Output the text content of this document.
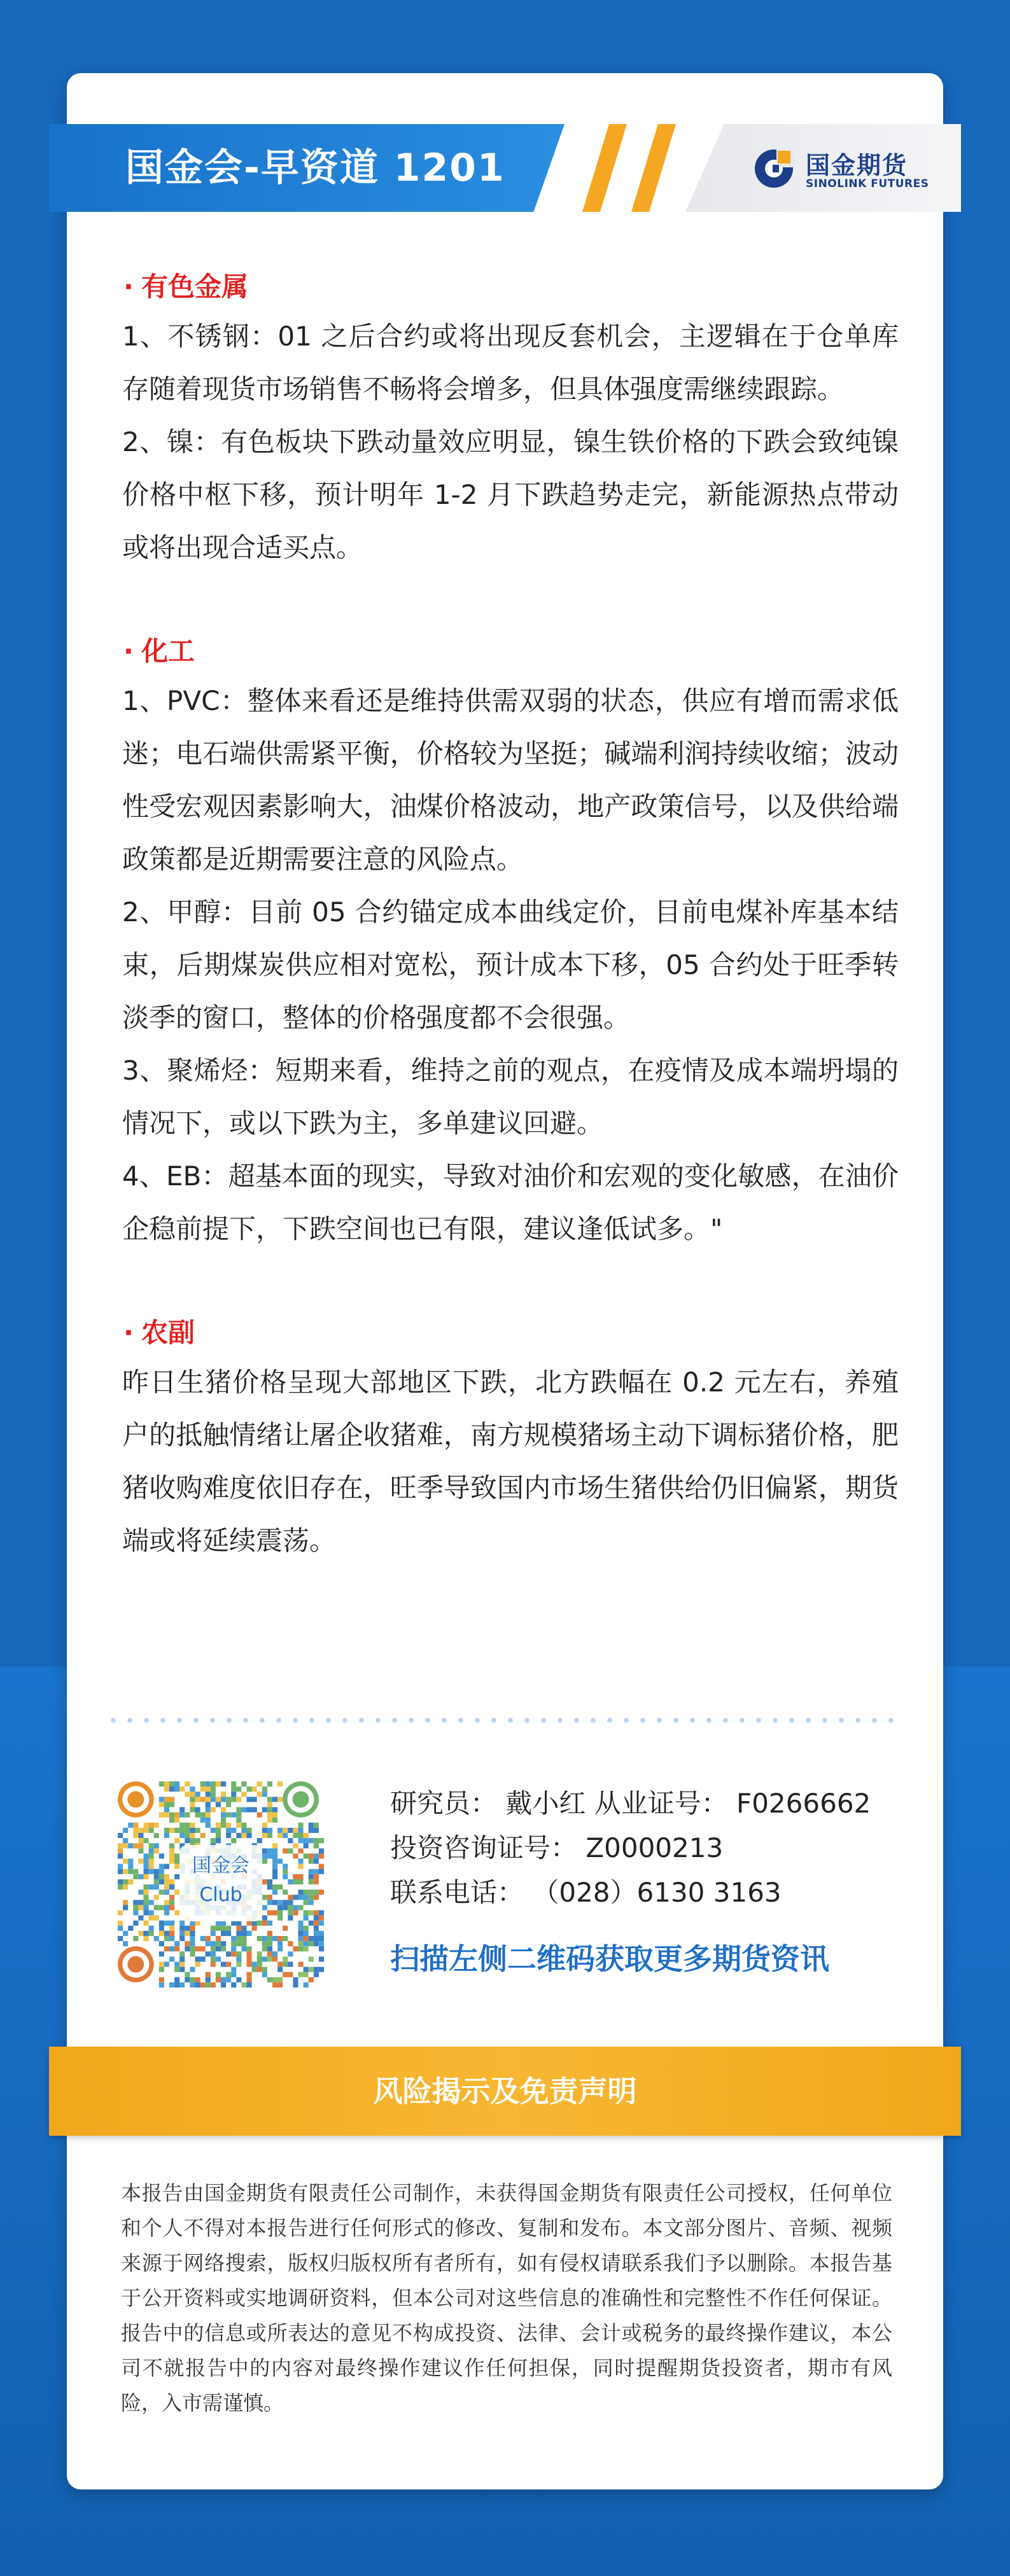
国金会-早资道 1201	国金期货
SINOLINK FUTURES
· 有色金属

1、不锈钢：01 之后合约或将出现反套机会，主逻辑在于仓单库存随着现货市场销售不畅将会增多，但具体强度需继续跟踪。

2、镍：有色板块下跌动量效应明显，镍生铁价格的下跌会致纯镍价格中枢下移，预计明年 1-2 月下跌趋势走完，新能源热点带动或将出现合适买点。

· 化工

1、PVC：整体来看还是维持供需双弱的状态，供应有增而需求低迷；电石端供需紧平衡，价格较为坚挺；碱端利润持续收缩；波动性受宏观因素影响大，油煤价格波动，地产政策信号，以及供给端政策都是近期需要注意的风险点。

2、甲醇：目前 05 合约锚定成本曲线定价，目前电煤补库基本结束，后期煤炭供应相对宽松，预计成本下移，05 合约处于旺季转淡季的窗口，整体的价格强度都不会很强。

3、聚烯烃：短期来看，维持之前的观点，在疫情及成本端坍塌的情况下，或以下跌为主，多单建议回避。

4、EB：超基本面的现实，导致对油价和宏观的变化敏感，在油价企稳前提下，下跌空间也已有限，建议逢低试多。"

· 农副

昨日生猪价格呈现大部地区下跌，北方跌幅在 0.2 元左右，养殖户的抵触情绪让屠企收猪难，南方规模猪场主动下调标猪价格，肥猪收购难度依旧存在，旺季导致国内市场生猪供给仍旧偏紧，期货端或将延续震荡。

国金会
Club
研究员： 戴小红 从业证号： F0266662
投资咨询证号： Z0000213
联系电话： （028）6130 3163
扫描左侧二维码获取更多期货资讯
风险揭示及免责声明

本报告由国金期货有限责任公司制作，未获得国金期货有限责任公司授权，任何单位和个人不得对本报告进行任何形式的修改、复制和发布。本文部分图片、音频、视频来源于网络搜索，版权归版权所有者所有，如有侵权请联系我们予以删除。本报告基于公开资料或实地调研资料，但本公司对这些信息的准确性和完整性不作任何保证。报告中的信息或所表达的意见不构成投资、法律、会计或税务的最终操作建议，本公司不就报告中的内容对最终操作建议作任何担保，同时提醒期货投资者，期市有风险，入市需谨慎。
